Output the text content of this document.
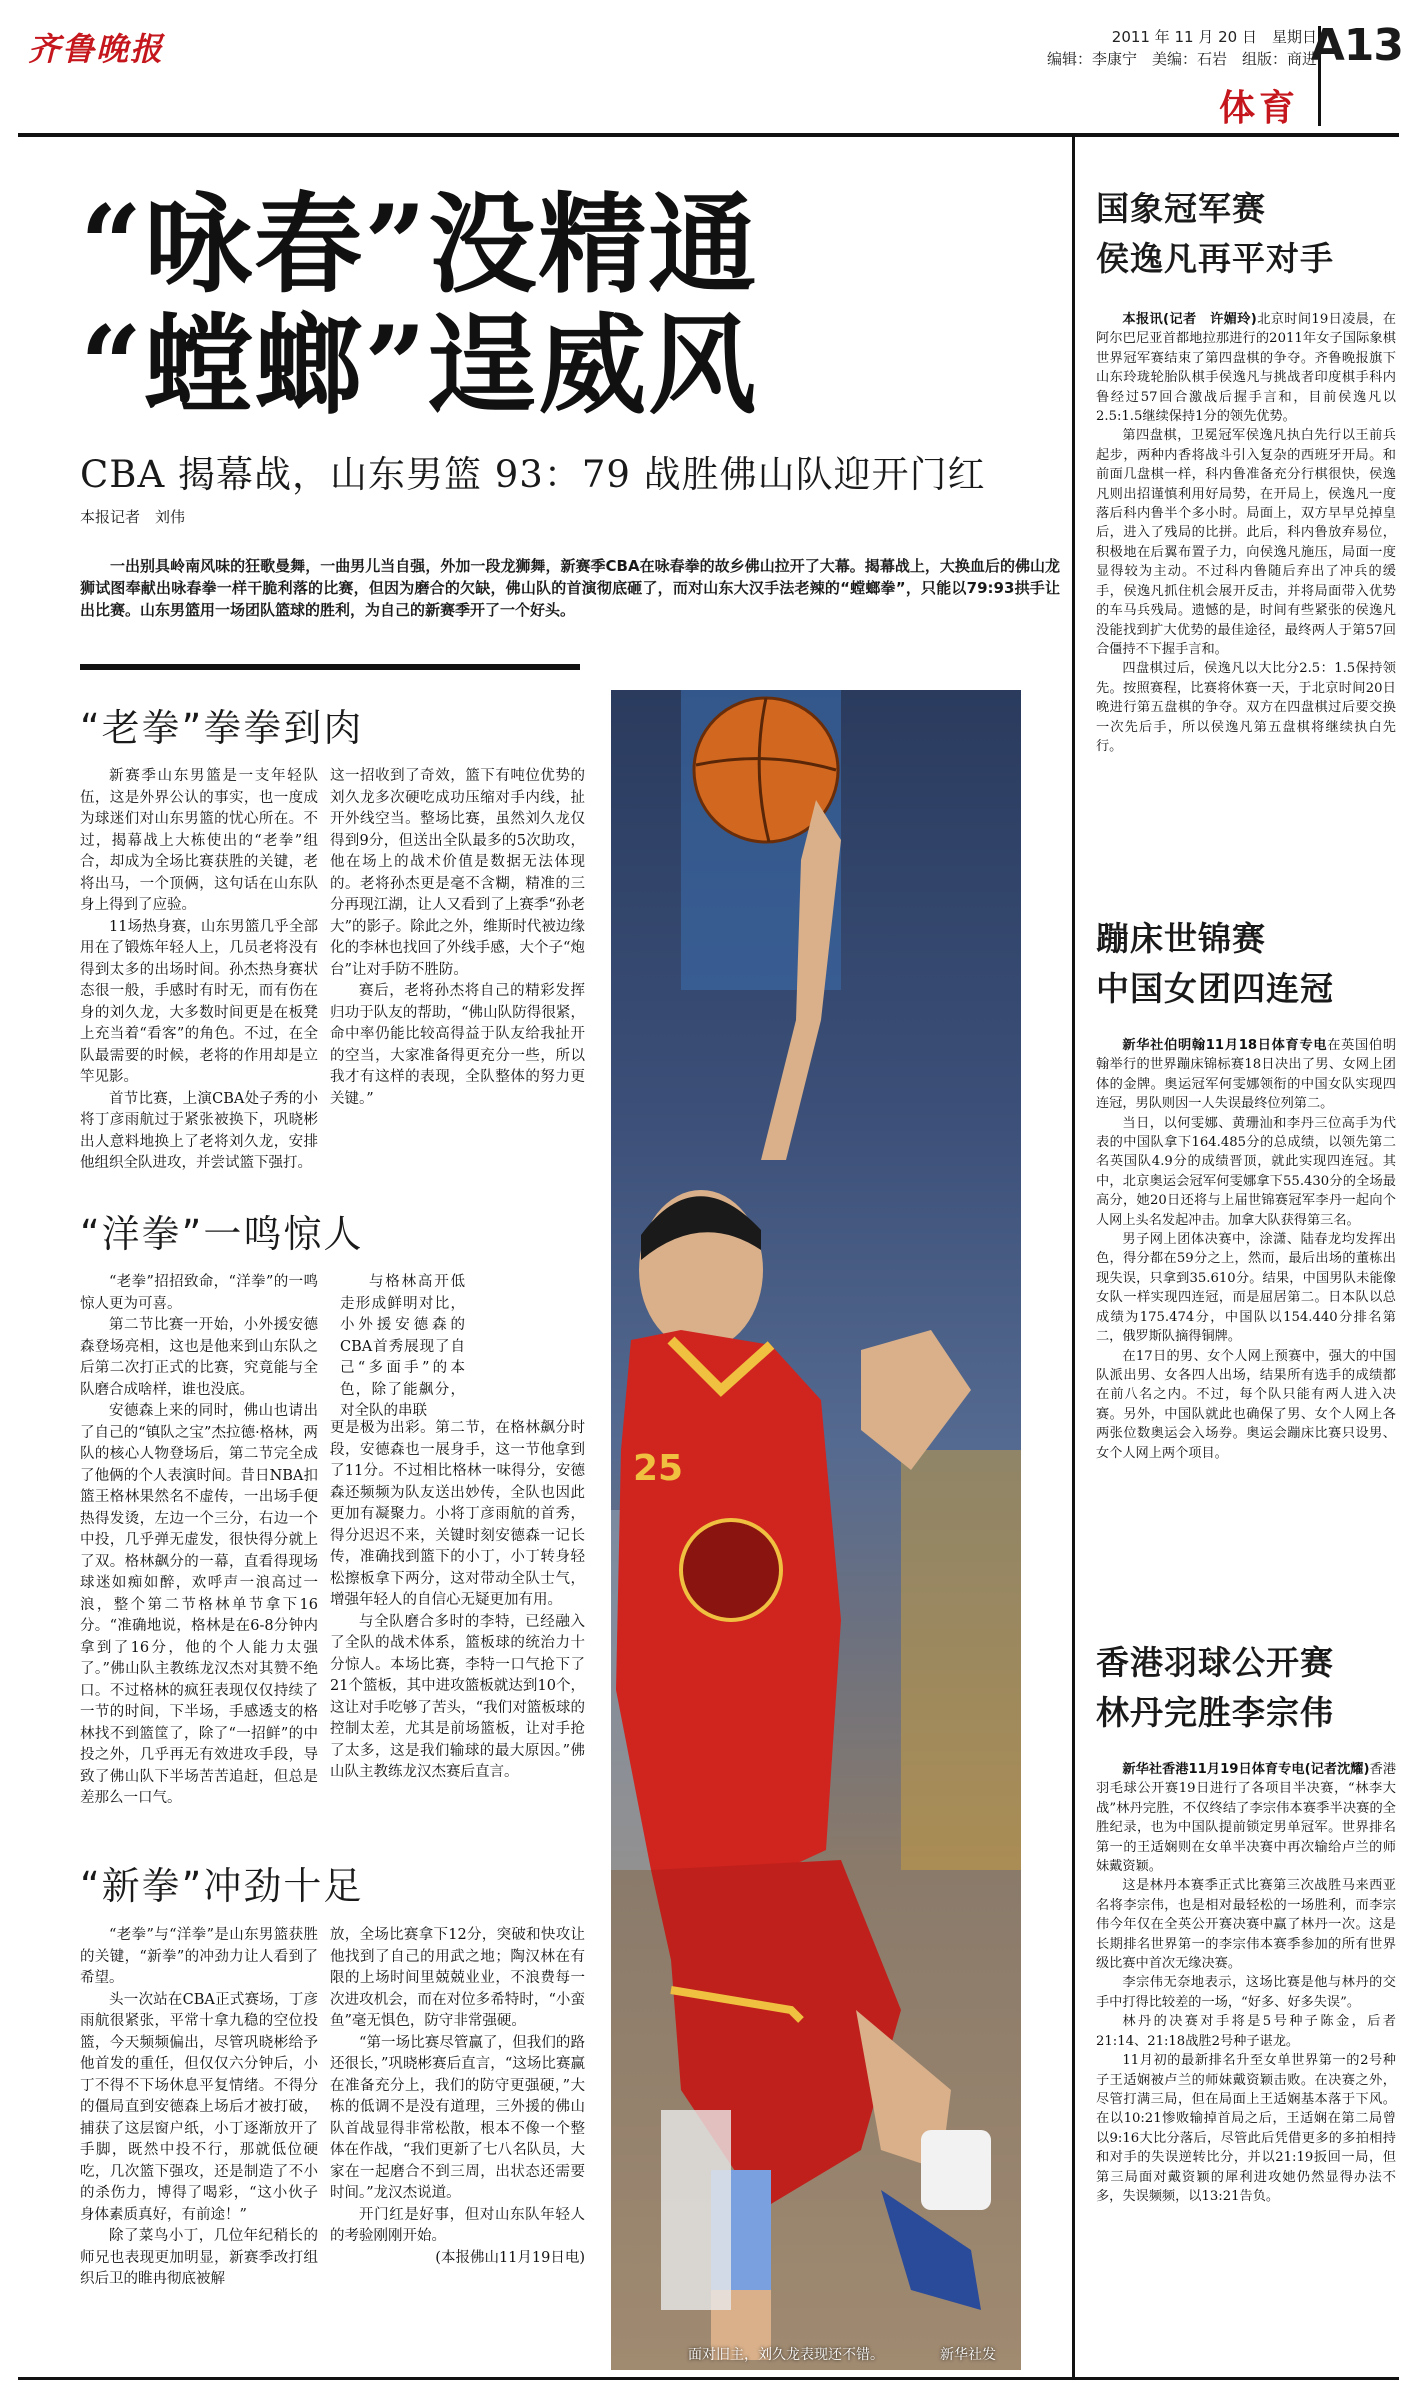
齐鲁晚报	2011 年 11 月 20 日　星期日
编辑：李康宁　美编：石岩　组版：商进
A13
体育
“咏春”没精通
“螳螂”逞威风
CBA 揭幕战，山东男篮 93：79 战胜佛山队迎开门红
本报记者　刘伟
一出别具岭南风味的狂歌曼舞，一曲男儿当自强，外加一段龙狮舞，新赛季CBA在咏春拳的故乡佛山拉开了大幕。揭幕战上，大换血后的佛山龙狮试图奉献出咏春拳一样干脆利落的比赛，但因为磨合的欠缺，佛山队的首演彻底砸了，而对山东大汉手法老辣的“螳螂拳”，只能以79:93拱手让出比赛。山东男篮用一场团队篮球的胜利，为自己的新赛季开了一个好头。
“老拳”拳拳到肉

新赛季山东男篮是一支年轻队伍，这是外界公认的事实，也一度成为球迷们对山东男篮的忧心所在。不过，揭幕战上大栋使出的“老拳”组合，却成为全场比赛获胜的关键，老将出马，一个顶俩，这句话在山东队身上得到了应验。

11场热身赛，山东男篮几乎全部用在了锻炼年轻人上，几员老将没有得到太多的出场时间。孙杰热身赛状态很一般，手感时有时无，而有伤在身的刘久龙，大多数时间更是在板凳上充当着“看客”的角色。不过，在全队最需要的时候，老将的作用却是立竿见影。

首节比赛，上演CBA处子秀的小将丁彦雨航过于紧张被换下，巩晓彬出人意料地换上了老将刘久龙，安排他组织全队进攻，并尝试篮下强打。

这一招收到了奇效，篮下有吨位优势的刘久龙多次硬吃成功压缩对手内线，扯开外线空当。整场比赛，虽然刘久龙仅得到9分，但送出全队最多的5次助攻，他在场上的战术价值是数据无法体现的。老将孙杰更是毫不含糊，精准的三分再现江湖，让人又看到了上赛季“孙老大”的影子。除此之外，维斯时代被边缘化的李林也找回了外线手感，大个子“炮台”让对手防不胜防。

赛后，老将孙杰将自己的精彩发挥归功于队友的帮助，“佛山队防得很紧，命中率仍能比较高得益于队友给我扯开的空当，大家准备得更充分一些，所以我才有这样的表现，全队整体的努力更关键。”

“洋拳”一鸣惊人

“老拳”招招致命，“洋拳”的一鸣惊人更为可喜。

第二节比赛一开始，小外援安德森登场亮相，这也是他来到山东队之后第二次打正式的比赛，究竟能与全队磨合成啥样，谁也没底。

安德森上来的同时，佛山也请出了自己的“镇队之宝”杰拉德·格林，两队的核心人物登场后，第二节完全成了他俩的个人表演时间。昔日NBA扣篮王格林果然名不虚传，一出场手便热得发烫，左边一个三分，右边一个中投，几乎弹无虚发，很快得分就上了双。格林飙分的一幕，直看得现场球迷如痴如醉，欢呼声一浪高过一浪，整个第二节格林单节拿下16分。“准确地说，格林是在6-8分钟内拿到了16分，他的个人能力太强了。”佛山队主教练龙汉杰对其赞不绝口。不过格林的疯狂表现仅仅持续了一节的时间，下半场，手感透支的格林找不到篮筐了，除了“一招鲜”的中投之外，几乎再无有效进攻手段，导致了佛山队下半场苦苦追赶，但总是差那么一口气。

与格林高开低走形成鲜明对比，小外援安德森的CBA首秀展现了自己“多面手”的本色，除了能飙分，对全队的串联

更是极为出彩。第二节，在格林飙分时段，安德森也一展身手，这一节他拿到了11分。不过相比格林一味得分，安德森还频频为队友送出妙传，全队也因此更加有凝聚力。小将丁彦雨航的首秀，得分迟迟不来，关键时刻安德森一记长传，准确找到篮下的小丁，小丁转身轻松擦板拿下两分，这对带动全队士气，增强年轻人的自信心无疑更加有用。

与全队磨合多时的李特，已经融入了全队的战术体系，篮板球的统治力十分惊人。本场比赛，李特一口气抢下了21个篮板，其中进攻篮板就达到10个，这让对手吃够了苦头，“我们对篮板球的控制太差，尤其是前场篮板，让对手抢了太多，这是我们输球的最大原因。”佛山队主教练龙汉杰赛后直言。

“新拳”冲劲十足

“老拳”与“洋拳”是山东男篮获胜的关键，“新拳”的冲劲力让人看到了希望。

头一次站在CBA正式赛场，丁彦雨航很紧张，平常十拿九稳的空位投篮，今天频频偏出，尽管巩晓彬给予他首发的重任，但仅仅六分钟后，小丁不得不下场休息平复情绪。不得分的僵局直到安德森上场后才被打破，捕获了这层窗户纸，小丁逐渐放开了手脚，既然中投不行，那就低位硬吃，几次篮下强攻，还是制造了不小的杀伤力，博得了喝彩，“这小伙子身体素质真好，有前途！”

除了菜鸟小丁，几位年纪稍长的师兄也表现更加明显，新赛季改打组织后卫的睢冉彻底被解

放，全场比赛拿下12分，突破和快攻让他找到了自己的用武之地；陶汉林在有限的上场时间里兢兢业业，不浪费每一次进攻机会，而在对位多希特时，“小蛮鱼”毫无惧色，防守非常强硬。

“第一场比赛尽管赢了，但我们的路还很长，”巩晓彬赛后直言，“这场比赛赢在准备充分上，我们的防守更强硬，”大栋的低调不是没有道理，三外援的佛山队首战显得非常松散，根本不像一个整体在作战，“我们更新了七八名队员，大家在一起磨合不到三周，出状态还需要时间。”龙汉杰说道。

开门红是好事，但对山东队年轻人的考验刚刚开始。

(本报佛山11月19日电)

25
面对旧主，刘久龙表现还不错。	新华社发
国象冠军赛
侯逸凡再平对手

本报讯(记者　许媚玲)北京时间19日凌晨，在阿尔巴尼亚首都地拉那进行的2011年女子国际象棋世界冠军赛结束了第四盘棋的争夺。齐鲁晚报旗下山东玲珑轮胎队棋手侯逸凡与挑战者印度棋手科内鲁经过57回合激战后握手言和，目前侯逸凡以2.5:1.5继续保持1分的领先优势。

第四盘棋，卫冕冠军侯逸凡执白先行以王前兵起步，两种内香将战斗引入复杂的西班牙开局。和前面几盘棋一样，科内鲁准备充分行棋很快，侯逸凡则出招谨慎利用好局势，在开局上，侯逸凡一度落后科内鲁半个多小时。局面上，双方早早兑掉皇后，进入了残局的比拼。此后，科内鲁放弃易位，积极地在后翼布置子力，向侯逸凡施压，局面一度显得较为主动。不过科内鲁随后弃出了冲兵的缓手，侯逸凡抓住机会展开反击，并将局面带入优势的车马兵残局。遗憾的是，时间有些紧张的侯逸凡没能找到扩大优势的最佳途径，最终两人于第57回合僵持不下握手言和。

四盘棋过后，侯逸凡以大比分2.5：1.5保持领先。按照赛程，比赛将休赛一天，于北京时间20日晚进行第五盘棋的争夺。双方在四盘棋过后要交换一次先后手，所以侯逸凡第五盘棋将继续执白先行。

蹦床世锦赛
中国女团四连冠

新华社伯明翰11月18日体育专电在英国伯明翰举行的世界蹦床锦标赛18日决出了男、女网上团体的金牌。奥运冠军何雯娜领衔的中国女队实现四连冠，男队则因一人失误最终位列第二。

当日，以何雯娜、黄珊汕和李丹三位高手为代表的中国队拿下164.485分的总成绩，以领先第二名英国队4.9分的成绩晋顶，就此实现四连冠。其中，北京奥运会冠军何雯娜拿下55.430分的全场最高分，她20日还将与上届世锦赛冠军李丹一起向个人网上头名发起冲击。加拿大队获得第三名。

男子网上团体决赛中，涂潇、陆春龙均发挥出色，得分都在59分之上，然而，最后出场的董栋出现失误，只拿到35.610分。结果，中国男队未能像女队一样实现四连冠，而是屈居第二。日本队以总成绩为175.474分，中国队以154.440分排名第二，俄罗斯队摘得铜牌。

在17日的男、女个人网上预赛中，强大的中国队派出男、女各四人出场，结果所有选手的成绩都在前八名之内。不过，每个队只能有两人进入决赛。另外，中国队就此也确保了男、女个人网上各两张位数奥运会入场券。奥运会蹦床比赛只设男、女个人网上两个项目。

香港羽球公开赛
林丹完胜李宗伟

新华社香港11月19日体育专电(记者沈耀)香港羽毛球公开赛19日进行了各项目半决赛，“林李大战”林丹完胜，不仅终结了李宗伟本赛季半决赛的全胜纪录，也为中国队提前锁定男单冠军。世界排名第一的王适娴则在女单半决赛中再次输给卢兰的师妹戴资颖。

这是林丹本赛季正式比赛第三次战胜马来西亚名将李宗伟，也是相对最轻松的一场胜利，而李宗伟今年仅在全英公开赛决赛中赢了林丹一次。这是长期排名世界第一的李宗伟本赛季参加的所有世界级比赛中首次无缘决赛。

李宗伟无奈地表示，这场比赛是他与林丹的交手中打得比较差的一场，“好多、好多失误”。

林丹的决赛对手将是5号种子陈金，后者21:14、21:18战胜2号种子谌龙。

11月初的最新排名升至女单世界第一的2号种子王适娴被卢兰的师妹戴资颖击败。在决赛之外，尽管打满三局，但在局面上王适娴基本落于下风。在以10:21惨败输掉首局之后，王适娴在第二局曾以9:16大比分落后，尽管此后凭借更多的多拍相持和对手的失误逆转比分，并以21:19扳回一局，但第三局面对戴资颖的犀利进攻她仍然显得办法不多，失误频频，以13:21告负。
